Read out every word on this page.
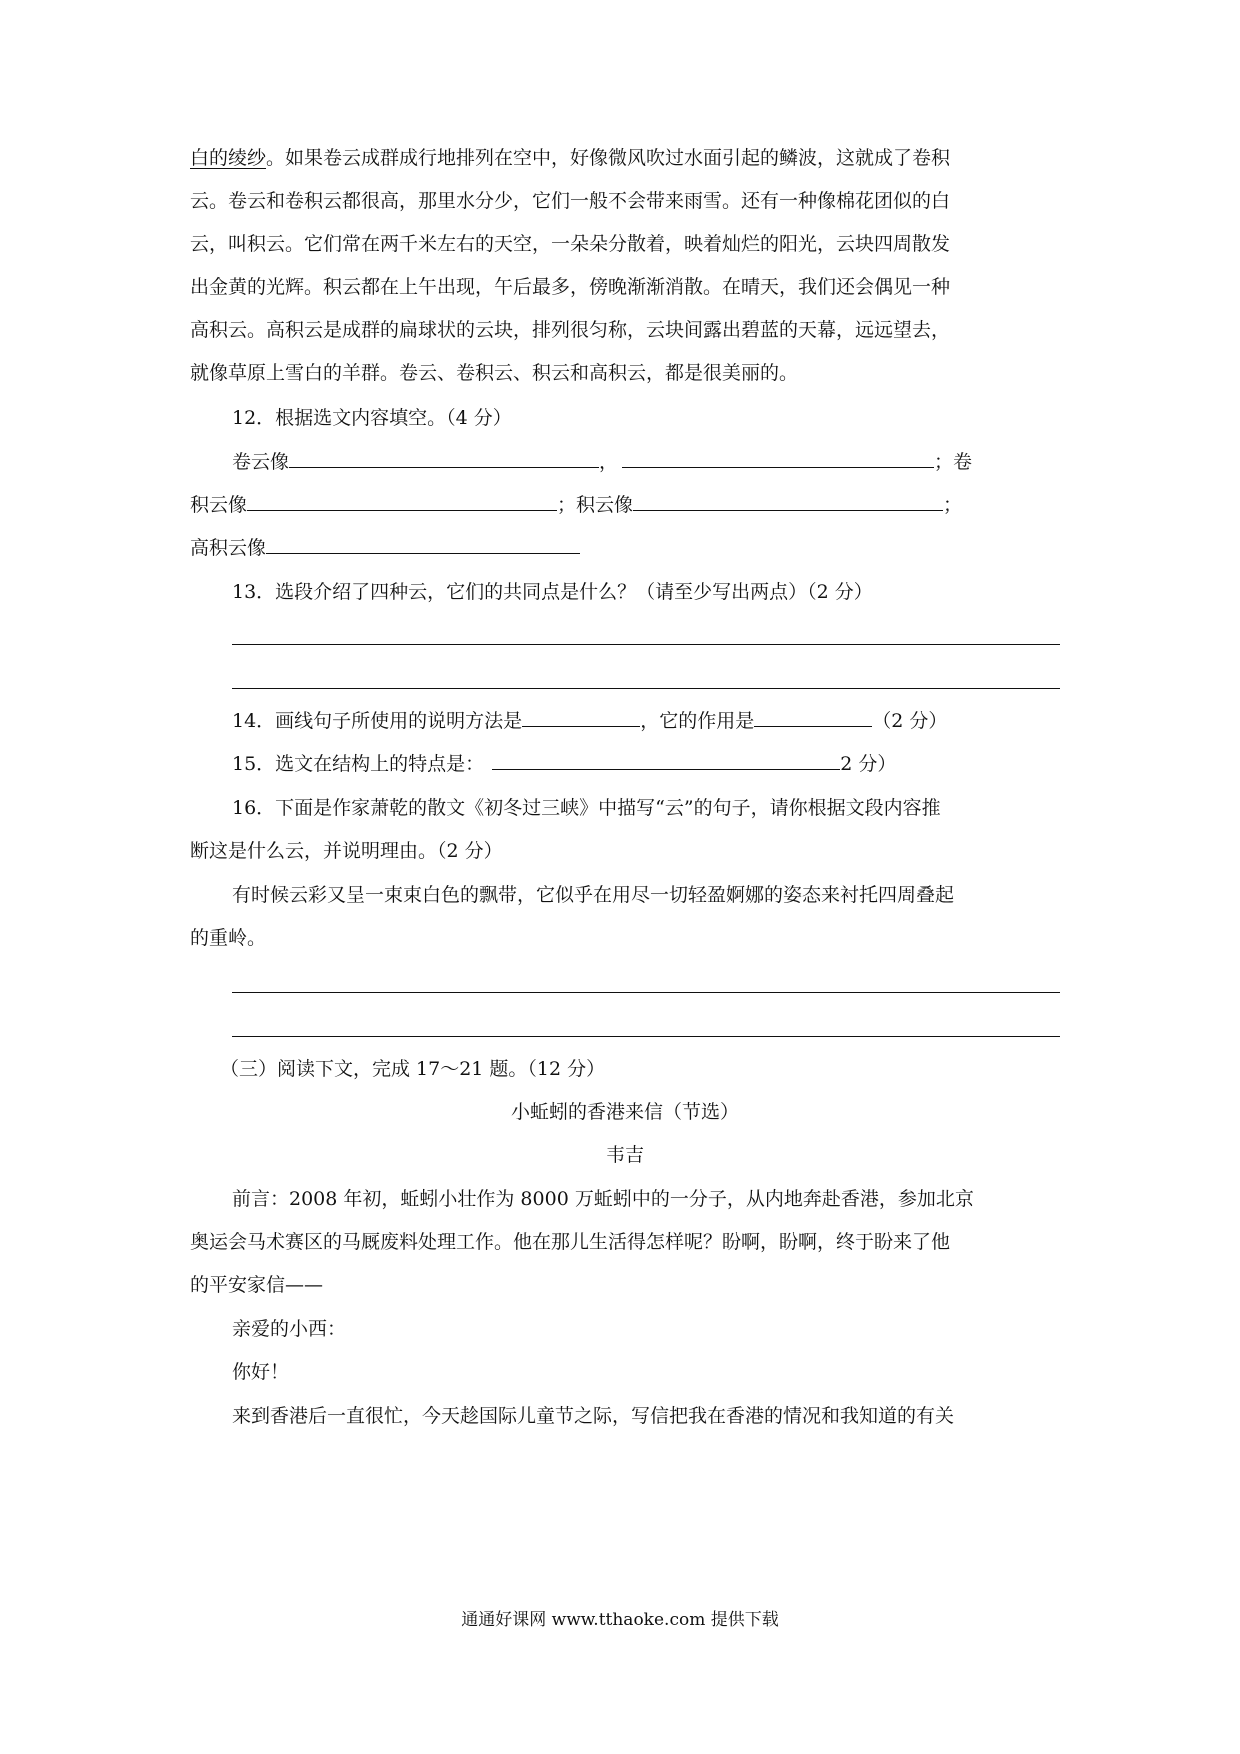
白的绫纱。如果卷云成群成行地排列在空中，好像微风吹过水面引起的鳞波，这就成了卷积
云。卷云和卷积云都很高，那里水分少，它们一般不会带来雨雪。还有一种像棉花团似的白
云，叫积云。它们常在两千米左右的天空，一朵朵分散着，映着灿烂的阳光，云块四周散发
出金黄的光辉。积云都在上午出现，午后最多，傍晚渐渐消散。在晴天，我们还会偶见一种
高积云。高积云是成群的扁球状的云块，排列很匀称，云块间露出碧蓝的天幕，远远望去，
就像草原上雪白的羊群。卷云、卷积云、积云和高积云，都是很美丽的。
12．根据选文内容填空。（4 分）
卷云像	，	；卷
积云像	；积云像	；
高积云像
13．选段介绍了四种云，它们的共同点是什么？（请至少写出两点）（2 分）
14．画线句子所使用的说明方法是	，它的作用是	（2 分）
15．选文在结构上的特点是：	2 分）
16．下面是作家萧乾的散文《初冬过三峡》中描写“云”的句子，请你根据文段内容推
断这是什么云，并说明理由。（2 分）
有时候云彩又呈一束束白色的飘带，它似乎在用尽一切轻盈婀娜的姿态来衬托四周叠起
的重岭。
（三）阅读下文，完成 17～21 题。（12 分）
小蚯蚓的香港来信（节选）
韦吉
前言：2008 年初，蚯蚓小壮作为 8000 万蚯蚓中的一分子，从内地奔赴香港，参加北京
奥运会马术赛区的马厩废料处理工作。他在那儿生活得怎样呢？盼啊，盼啊，终于盼来了他
的平安家信——
亲爱的小西：
你好！
来到香港后一直很忙，今天趁国际儿童节之际，写信把我在香港的情况和我知道的有关
通通好课网 www.tthaoke.com 提供下载
